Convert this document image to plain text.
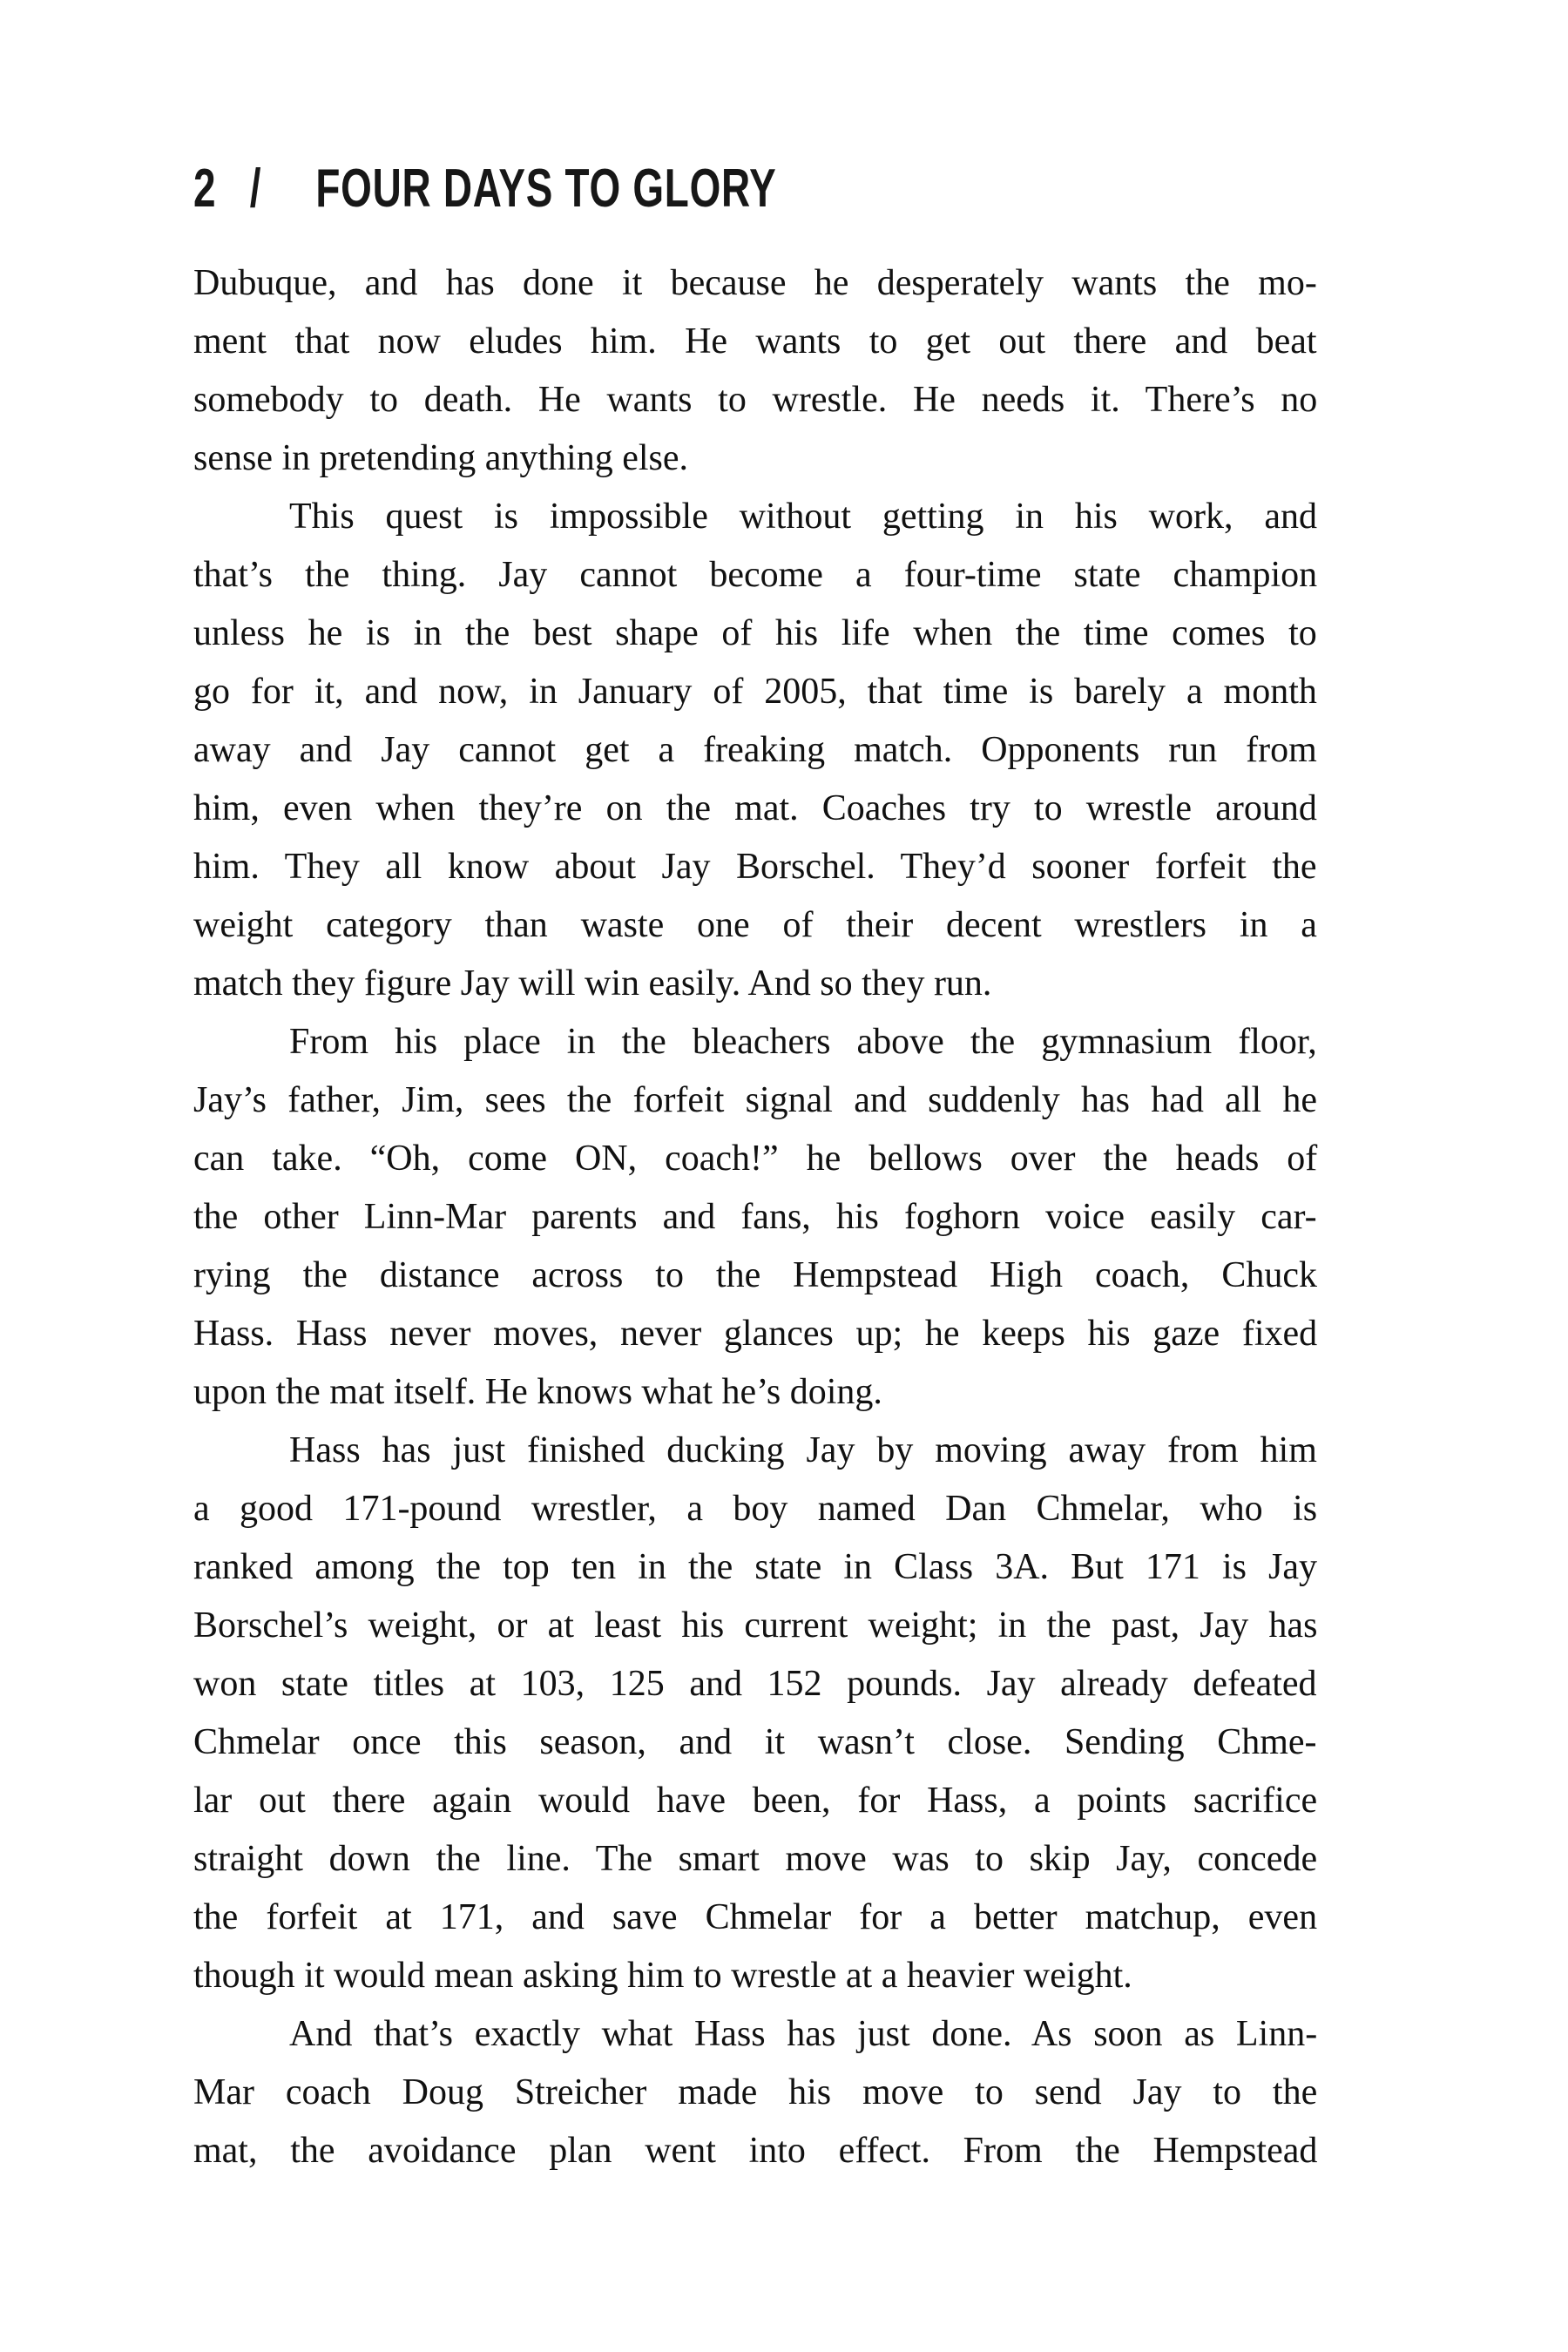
2 / FOUR DAYS TO GLORY
Dubuque, and has done it because he desperately wants the mo-
ment that now eludes him. He wants to get out there and beat
somebody to death. He wants to wrestle. He needs it. There’s no
sense in pretending anything else.
This quest is impossible without getting in his work, and
that’s the thing. Jay cannot become a four-time state champion
unless he is in the best shape of his life when the time comes to
go for it, and now, in January of 2005, that time is barely a month
away and Jay cannot get a freaking match. Opponents run from
him, even when they’re on the mat. Coaches try to wrestle around
him. They all know about Jay Borschel. They’d sooner forfeit the
weight category than waste one of their decent wrestlers in a
match they figure Jay will win easily. And so they run.
From his place in the bleachers above the gymnasium floor,
Jay’s father, Jim, sees the forfeit signal and suddenly has had all he
can take. “Oh, come ON, coach!” he bellows over the heads of
the other Linn-Mar parents and fans, his foghorn voice easily car-
rying the distance across to the Hempstead High coach, Chuck
Hass. Hass never moves, never glances up; he keeps his gaze fixed
upon the mat itself. He knows what he’s doing.
Hass has just finished ducking Jay by moving away from him
a good 171-pound wrestler, a boy named Dan Chmelar, who is
ranked among the top ten in the state in Class 3A. But 171 is Jay
Borschel’s weight, or at least his current weight; in the past, Jay has
won state titles at 103, 125 and 152 pounds. Jay already defeated
Chmelar once this season, and it wasn’t close. Sending Chme-
lar out there again would have been, for Hass, a points sacrifice
straight down the line. The smart move was to skip Jay, concede
the forfeit at 171, and save Chmelar for a better matchup, even
though it would mean asking him to wrestle at a heavier weight.
And that’s exactly what Hass has just done. As soon as Linn-
Mar coach Doug Streicher made his move to send Jay to the
mat, the avoidance plan went into effect. From the Hempstead
